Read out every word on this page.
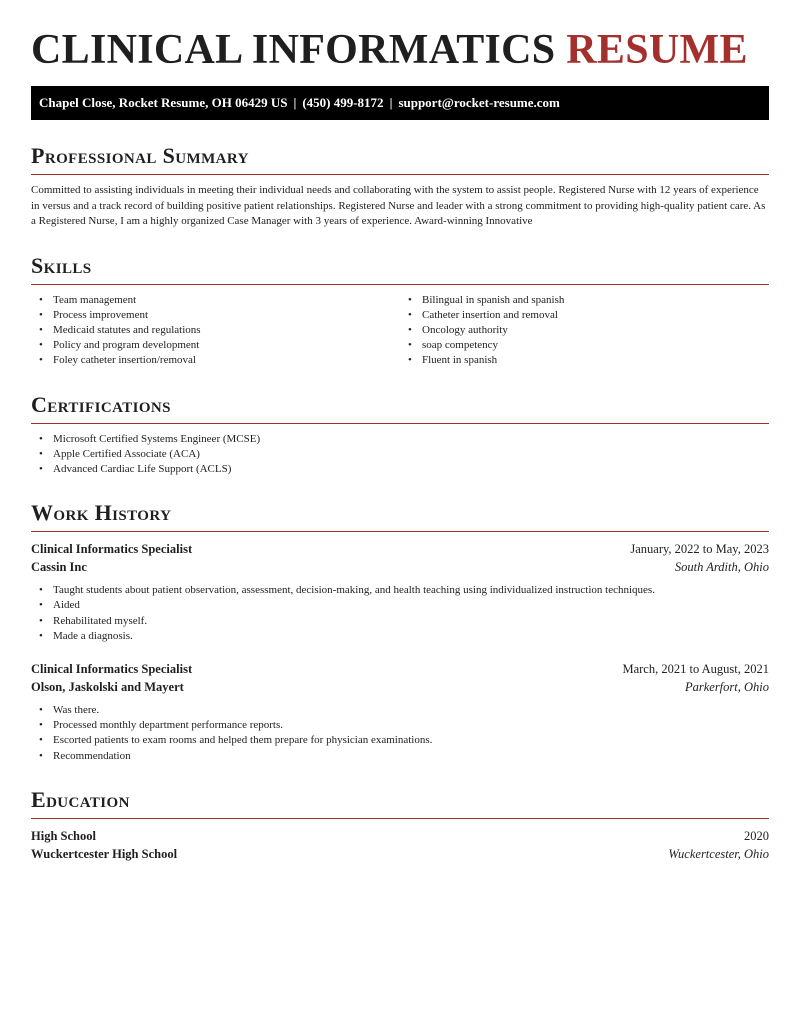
CLINICAL INFORMATICS RESUME
Chapel Close, Rocket Resume, OH 06429 US | (450) 499-8172 | support@rocket-resume.com
Professional Summary

Committed to assisting individuals in meeting their individual needs and collaborating with the system to assist people. Registered Nurse with 12 years of experience in versus and a track record of building positive patient relationships. Registered Nurse and leader with a strong commitment to providing high-quality patient care. As a Registered Nurse, I am a highly organized Case Manager with 3 years of experience. Award-winning Innovative

Skills
• Team management
• Process improvement
• Medicaid statutes and regulations
• Policy and program development
• Foley catheter insertion/removal
• Bilingual in spanish and spanish
• Catheter insertion and removal
• Oncology authority
• soap competency
• Fluent in spanish
Certifications
• Microsoft Certified Systems Engineer (MCSE)
• Apple Certified Associate (ACA)
• Advanced Cardiac Life Support (ACLS)
Work History
Clinical Informatics Specialist	January, 2022 to May, 2023
Cassin Inc	South Ardith, Ohio
• Taught students about patient observation, assessment, decision-making, and health teaching using individualized instruction techniques.
• Aided
• Rehabilitated myself.
• Made a diagnosis.
Clinical Informatics Specialist	March, 2021 to August, 2021
Olson, Jaskolski and Mayert	Parkerfort, Ohio
• Was there.
• Processed monthly department performance reports.
• Escorted patients to exam rooms and helped them prepare for physician examinations.
• Recommendation
Education
High School	2020
Wuckertcester High School	Wuckertcester, Ohio
